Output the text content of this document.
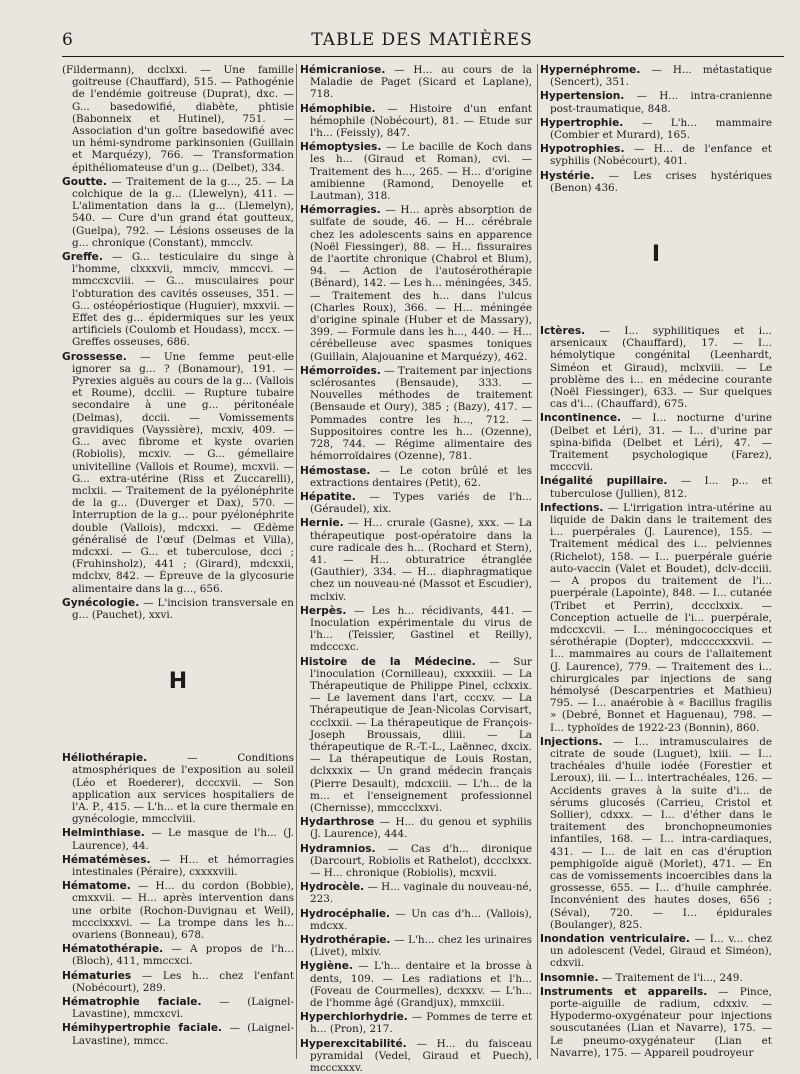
6	TABLE DES MATIÈRES
(Fildermann), dcclxxi. — Une famille goitreuse (Chauffard), 515. — Pathogénie de l'endémie goitreuse (Duprat), dxc. — G... basedowifié, diabète, phtisie (Babonneix et Hutinel), 751. — Association d'un goître basedowifié avec un hémi-syndrome parkinsonien (Guillain et Marquézy), 766. — Transformation épithéliomateuse d'un g... (Delbet), 334.
Goutte. — Traitement de la g..., 25. — La colchique de la g... (Llewelyn), 411. — L'alimentation dans la g... (Llemelyn), 540. — Cure d'un grand état goutteux, (Guelpa), 792. — Lésions osseuses de la g... chronique (Constant), mmcclv.
Greffe. — G... testiculaire du singe à l'homme, clxxxvii, mmciv, mmccvi. — mmccxcviii. — G... musculaires pour l'obturation des cavités osseuses, 351. — G... ostéopériostique (Huguier), mxxvii. — Effet des g... épidermiques sur les yeux artificiels (Coulomb et Houdass), mccx. — Greffes osseuses, 686.
Grossesse. — Une femme peut-elle ignorer sa g... ? (Bonamour), 191. — Pyrexies aiguës au cours de la g... (Vallois et Roume), dcclii. — Rupture tubaire secondaire à une g... péritonéale (Delmas), dccii. — Vomissements gravidiques (Vayssière), mcxiv, 409. — G... avec fibrome et kyste ovarien (Robiolis), mcxiv. — G... gémellaire univitelline (Vallois et Roume), mcxvii. — G... extra-utérine (Riss et Zuccarelli), mclxii. — Traitement de la pyélonéphrite de la g... (Duverger et Dax), 570. — Interruption de la g... pour pyélonéphrite double (Vallois), mdcxxi. — Œdème généralisé de l'œuf (Delmas et Villa), mdcxxi. — G... et tuberculose, dcci ; (Fruhinsholz), 441 ; (Girard), mdcxxii, mdclxv, 842. — Épreuve de la glycosurie alimentaire dans la g..., 656.
Gynécologie. — L'incision transversale en g... (Pauchet), xxvi.
H
Héliothérapie. — Conditions atmosphériques de l'exposition au soleil (Léo et Roederer), dcccxvii. — Son application aux services hospitaliers de l'A. P., 415. — L'h... et la cure thermale en gynécologie, mmcclviii.
Helminthiase. — Le masque de l'h... (J. Laurence), 44.
Hématémèses. — H... et hémorragies intestinales (Péraire), cxxxxviii.
Hématome. — H... du cordon (Bobbie), cmxxvii. — H... après intervention dans une orbite (Rochon-Duvignau et Weil), mcccixxxvi. — La trompe dans les h... ovariens (Bonneau), 678.
Hématothérapie. — A propos de l'h... (Bloch), 411, mmccxci.
Hématuries — Les h... chez l'enfant (Nobécourt), 289.
Hématrophie faciale. — (Laignel-Lavastine), mmcxcvi.
Hémihypertrophie faciale. — (Laignel-Lavastine), mmcc.
Hémicraniose. — H... au cours de la Maladie de Paget (Sicard et Laplane), 718.
Hémophibie. — Histoire d'un enfant hémophile (Nobécourt), 81. — Etude sur l'h... (Feissly), 847.
Hémoptysies. — Le bacille de Koch dans les h... (Giraud et Roman), cvi. — Traitement des h..., 265. — H... d'origine amibienne (Ramond, Denoyelle et Lautman), 318.
Hémorragies. — H... après absorption de sulfate de soude, 46. — H... cérébrale chez les adolescents sains en apparence (Noël Fiessinger), 88. — H... fissuraires de l'aortite chronique (Chabrol et Blum), 94. — Action de l'autosérothérapie (Bénard), 142. — Les h... méningées, 345. — Traitement des h... dans l'ulcus (Charles Roux), 366. — H... méningée d'origine spinale (Huber et de Massary), 399. — Formule dans les h..., 440. — H... cérébelleuse avec spasmes toniques (Guillain, Alajouanine et Marquézy), 462.
Hémorroïdes. — Traitement par injections sclérosantes (Bensaude), 333. — Nouvelles méthodes de traitement (Bensaude et Oury), 385 ; (Bazy), 417. — Pommades contre les h..., 712. — Suppositoires contre les h... (Ozenne), 728, 744. — Régime alimentaire des hémorroïdaires (Ozenne), 781.
Hémostase. — Le coton brûlé et les extractions dentaires (Petit), 62.
Hépatite. — Types variés de l'h... (Géraudel), xix.
Hernie. — H... crurale (Gasne), xxx. — La thérapeutique post-opératoire dans la cure radicale des h... (Rochard et Stern), 41. — H... obturatrice étranglée (Gauthier), 334. — H... diaphragmatique chez un nouveau-né (Massot et Escudier), mclxiv.
Herpès. — Les h... récidivants, 441. — Inoculation expérimentale du virus de l'h... (Teissier, Gastinel et Reilly), mdcccxc.
Histoire de la Médecine. — Sur l'inoculation (Cornilleau), cxxxxiii. — La Thérapeutique de Philippe Pinel, cclxxix. — Le lavement dans l'art, cccxv. — La Thérapeutique de Jean-Nicolas Corvisart, ccclxxii. — La thérapeutique de François-Joseph Broussais, dliii. — La thérapeutique de R.-T.-L., Laënnec, dxcix. — La thérapeutique de Louis Rostan, dclxxxix — Un grand médecin français (Pierre Desault), mdcxciii. — L'h... de la m... et l'enseignement professionnel (Chernisse), mmccclxxvi.
Hydarthrose — H... du genou et syphilis (J. Laurence), 444.
Hydramnios. — Cas d'h... dironique (Darcourt, Robiolis et Rathelot), dccclxxx. — H... chronique (Robiolis), mcxvii.
Hydrocèle. — H... vaginale du nouveau-né, 223.
Hydrocéphalie. — Un cas d'h... (Vallois), mdcxx.
Hydrothérapie. — L'h... chez les urinaires (Livet), mlxiv.
Hygiène. — L'h... dentaire et la brosse à dents, 109. — Les radiations et l'h... (Foveau de Courmelles), dcxxxv. — L'h... de l'homme âgé (Grandjux), mmxciii.
Hyperchlorhydrie. — Pommes de terre et h... (Pron), 217.
Hyperexcitabilité. — H... du faisceau pyramidal (Vedel, Giraud et Puech), mcccxxxv.
Hypernéphrome. — H... métastatique (Sencert), 351.
Hypertension. — H... intra-cranienne post-traumatique, 848.
Hypertrophie. — L'h... mammaire (Combier et Murard), 165.
Hypotrophies. — H... de l'enfance et syphilis (Nobécourt), 401.
Hystérie. — Les crises hystériques (Benon) 436.
I
Ictères. — I... syphilitiques et i... arsenicaux (Chauffard), 17. — I... hémolytique congénital (Leenhardt, Siméon et Giraud), mclxviii. — Le problème des i... en médecine courante (Noël Fiessinger), 633. — Sur quelques cas d'i... (Chauffard), 675.
Incontinence. — I... nocturne d'urine (Delbet et Léri), 31. — I... d'urine par spina-bifida (Delbet et Léri), 47. — Traitement psychologique (Farez), mcccvii.
Inégalité pupillaire. — I... p... et tuberculose (Jullien), 812.
Infections. — L'irrigation intra-utérine au liquide de Dakin dans le traitement des i... puerpérales (J. Laurence), 155. — Traitement médical des i... pelviennes (Richelot), 158. — I... puerpérale guérie auto-vaccin (Valet et Boudet), dclv-dcciii. — A propos du traitement de l'i... puerpérale (Lapointe), 848. — I... cutanée (Tribet et Perrin), dccclxxix. — Conception actuelle de l'i... puerpérale, mdccxcvii. — I... méningococciques et sérothérapie (Dopter), mdccccxxxvii. — I... mammaires au cours de l'allaitement (J. Laurence), 779. — Traitement des i... chirurgicales par injections de sang hémolysé (Descarpentries et Mathieu) 795. — I... anaérobie à « Bacillus fragilis » (Debré, Bonnet et Haguenau), 798. — I... typhoïdes de 1922-23 (Bonnin), 860.
Injections. — I... intramusculaires de citrate de soude (Luguet), lxiii. — I... trachéales d'huile iodée (Forestier et Leroux), iii. — I... intertrachéales, 126. — Accidents graves à la suite d'i... de sérums glucosés (Carrieu, Cristol et Sollier), cdxxx. — I... d'éther dans le traitement des bronchopneumonies infantiles, 168. — I... intra-cardiaques, 431. — I... de lait en cas d'éruption pemphigoïde aiguë (Morlet), 471. — En cas de vomissements incoercibles dans la grossesse, 655. — I... d'huile camphrée. Inconvénient des hautes doses, 656 ; (Séval), 720. — I... épidurales (Boulanger), 825.
Inondation ventriculaire. — I... v... chez un adolescent (Vedel, Giraud et Siméon), cdxvii.
Insomnie. — Traitement de l'i..., 249.
Instruments et appareils. — Pince, porte-aiguille de radium, cdxxiv. — Hypodermo-oxygénateur pour injections souscutanées (Lian et Navarre), 175. — Le pneumo-oxygénateur (Lian et Navarre), 175. — Appareil poudroyeur
